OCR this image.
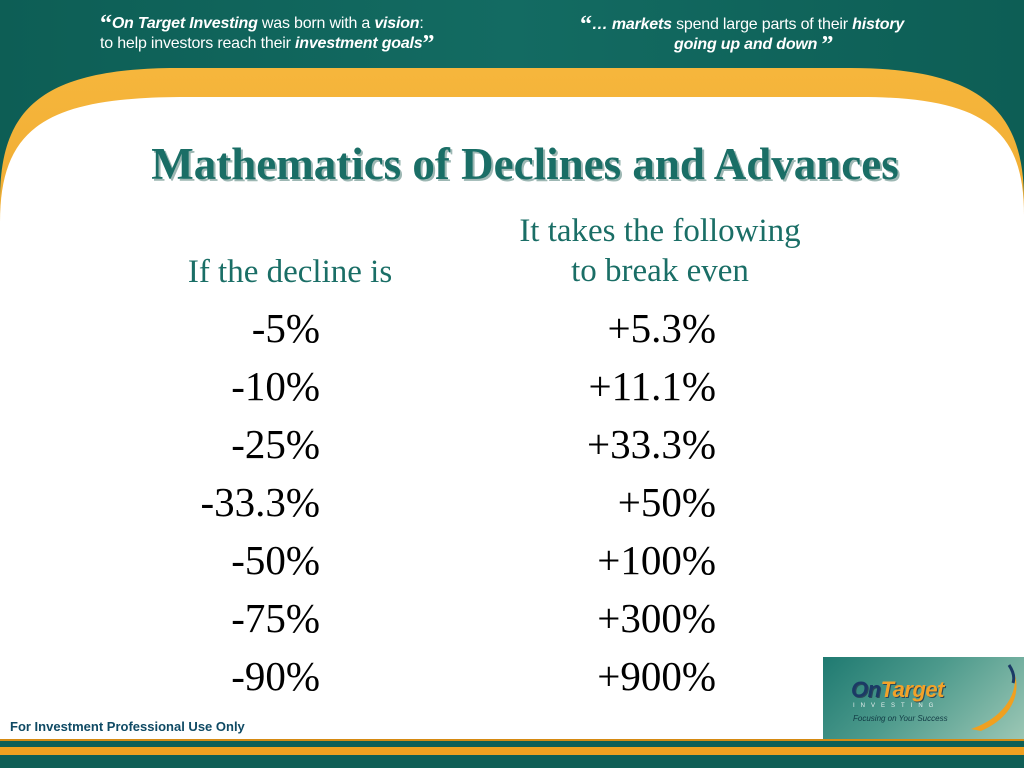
“On Target Investing was born with a vision:
to help investors reach their investment goals”
“… markets spend large parts of their history
going up and down ”
Mathematics of Declines and Advances
If the decline is
It takes the following
to break even
-5%
-10%
-25%
-33.3%
-50%
-75%
-90%
+5.3%
+11.1%
+33.3%
+50%
+100%
+300%
+900%
For Investment Professional Use Only
OnTarget
INVESTING
Focusing on Your Success
